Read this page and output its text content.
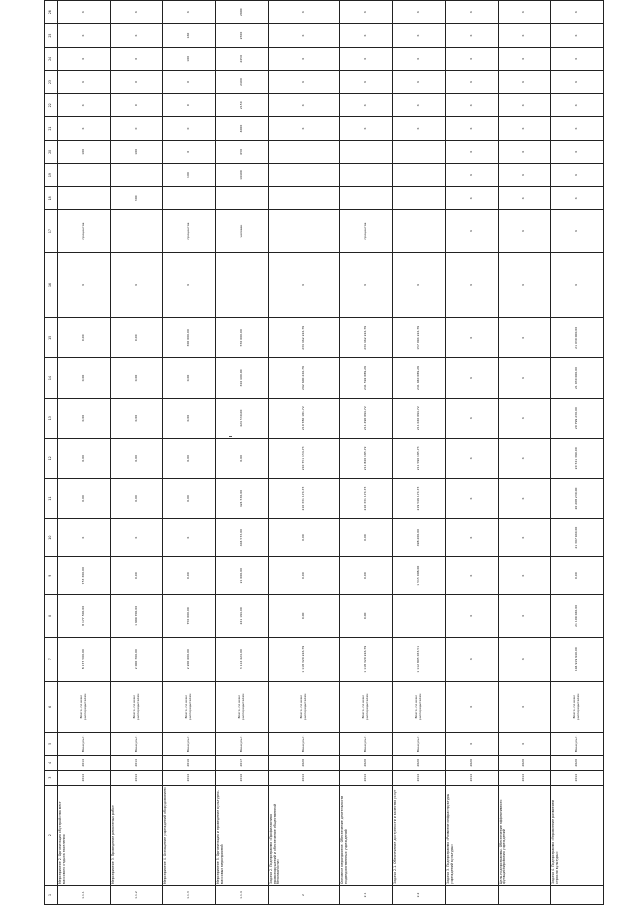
1	2	3	4	5	6	7	8	9	10	11	12	13	14	15	16	17	18	19	20	21	22	23	24	25	26
1.1.1	Мероприятие 2. Организация обустройства мест массового отдыха населения	2014	2014	Минкульт.	Всего, по всем распорядителям	8 177 500,00	8 177 500,00	753 300,00	X	0,00	0,00	0,00	0,00	0,00	X	процентов			100	X	X	X	X	X	X
1.1.2	Мероприятие 3. Проведение ремонтных работ	2014	2014	Минкульт.	Всего, по всем распорядителям	2 000 700,00	1 999 700,00	0,00	X	0,00	0,00	0,00	0,00	0,00	X		300		100	0	0	0	0	X	X
1.1.3	Мероприятие 4. Оснащение учреждений оборудованием	2014	2016	Минкульт.	Всего, по всем распорядителям	2 200 600,00	750 000,00	0,00	X	0,00	0,00	0,00	0,00	300 000,00	X	процентов		100	0	0	0	0	100	160	X
1.1.4	Мероприятие 5. Организация и проведение культурно-массовых мероприятий	2016	2017	Минкульт.	Всего, по всем распорядителям	3 114 424,00	241 194,00	21 000,00	404 573,00	424 530,00	0,00	424 530,00	346 400,00	550 000,00		человек		16400	650	4000	2150	2400	2450	2500	2900
2	Задача 2. Подпрограмма «Профилактика правонарушений и обеспечение общественной безопасности»	2014	2020	Минкульт.	Всего, по всем распорядителям	1 118 320 226,79	0,00	0,00	0,00	210 331 174,73	210 751 154,73	210 780 181,72	262 600 246,79	234 462 224,79	X					X	X	X	X	X	X
2.1	Основное мероприятие. Обеспечение деятельности подведомственных учреждений	2014	2020	Минкульт.	Всего, по всем распорядителям	1 118 320 226,79	0,00	0,00	0,00	210 331 174,73	211 840 185,72	211 490 094,72	241 592 089,29	234 462 224,79	X	процентов				X	X	X	X	X	X
2.2	Задача 2.1. Обеспечение доступности и качества услуг	2014	2020	Минкульт.	Всего, по всем распорядителям	1 112 805 033,51		1 515 008,00	498 200,00	219 549 174,73	211 590 185,73	211 040 094,72	241 040 089,29	157 094 224,79	X					X	X	X	X	X	X
	Задача 3. Подпрограмма «Развитие инфраструктуры учреждений культуры»	2014	2020	X	X	X	X	X	X	X	X	X	X	X	X	X	X	X	X	X	X	X	X	X	X
	Цель подпрограммы. Обеспечение эффективного функционирования учреждений	2014	2020	X	X	X	X	X	X	X	X	X	X	X	X	X	X	X	X	X	X	X	X	X	X
	Задача 4. Подпрограмма «Управление развитием отрасли культуры»	2014	2020	Минкульт.	Всего, по всем распорядителям	194 919 940,00	21 109 040,00	0,00	21 307 940,00	20 208 230,00	20 741 390,00	20 799 230,00	21 030 000,00	21 030 000,00	X	X	X	X	X	X	X	X	X	X	X
